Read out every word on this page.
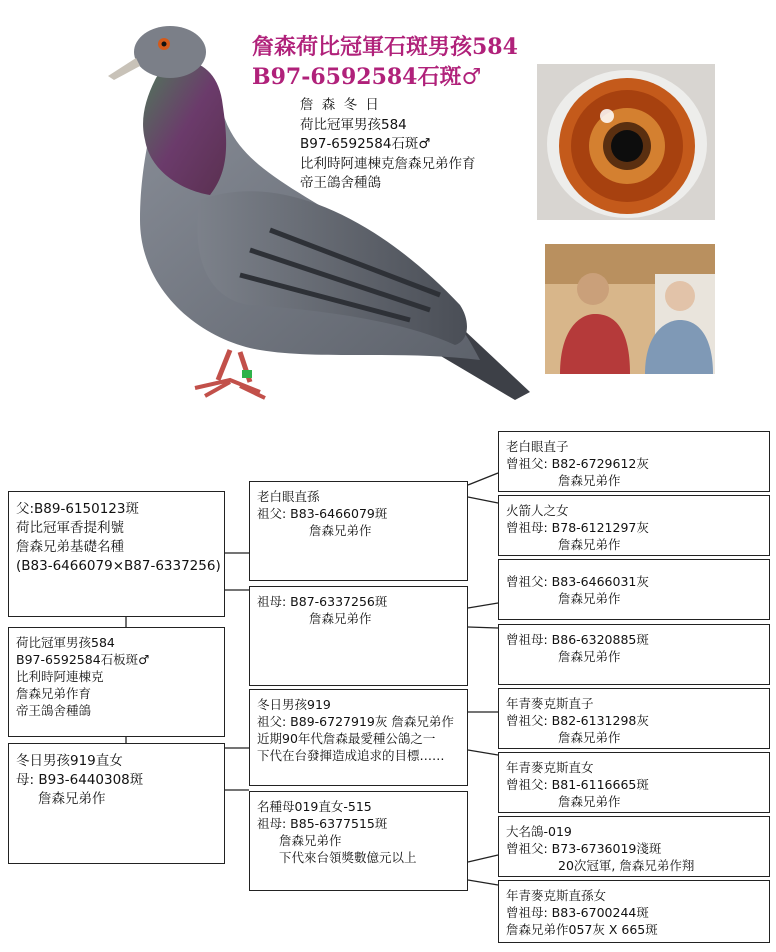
詹森荷比冠軍石斑男孩584
B97-6592584石斑♂
詹 森 冬 日
荷比冠軍男孩584
B97-6592584石斑♂
比利時阿連棟克詹森兄弟作育
帝王鴿舍種鴿
父:B89-6150123斑
荷比冠軍香提利號
詹森兄弟基礎名種
(B83-6466079×B87-6337256)
荷比冠軍男孩584
B97-6592584石板斑♂
比利時阿連棟克
詹森兄弟作育
帝王鴿舍種鴿
冬日男孩919直女
母: B93-6440308斑
詹森兄弟作
老白眼直孫
祖父: B83-6466079斑
詹森兄弟作
祖母: B87-6337256斑
詹森兄弟作
冬日男孩919
祖父: B89-6727919灰 詹森兄弟作
近期90年代詹森最愛種公鴿之一
下代在台發揮造成追求的目標……
名種母019直女-515
祖母: B85-6377515斑
詹森兄弟作
下代來台領獎數億元以上
老白眼直子
曾祖父: B82-6729612灰
詹森兄弟作
火箭人之女
曾祖母: B78-6121297灰
詹森兄弟作
曾祖父: B83-6466031灰
詹森兄弟作
曾祖母: B86-6320885斑
詹森兄弟作
年青麥克斯直子
曾祖父: B82-6131298灰
詹森兄弟作
年青麥克斯直女
曾祖父: B81-6116665斑
詹森兄弟作
大名鴿-019
曾祖父: B73-6736019淺斑
20次冠軍, 詹森兄弟作翔
年青麥克斯直孫女
曾祖母: B83-6700244斑
詹森兄弟作057灰 X 665斑
